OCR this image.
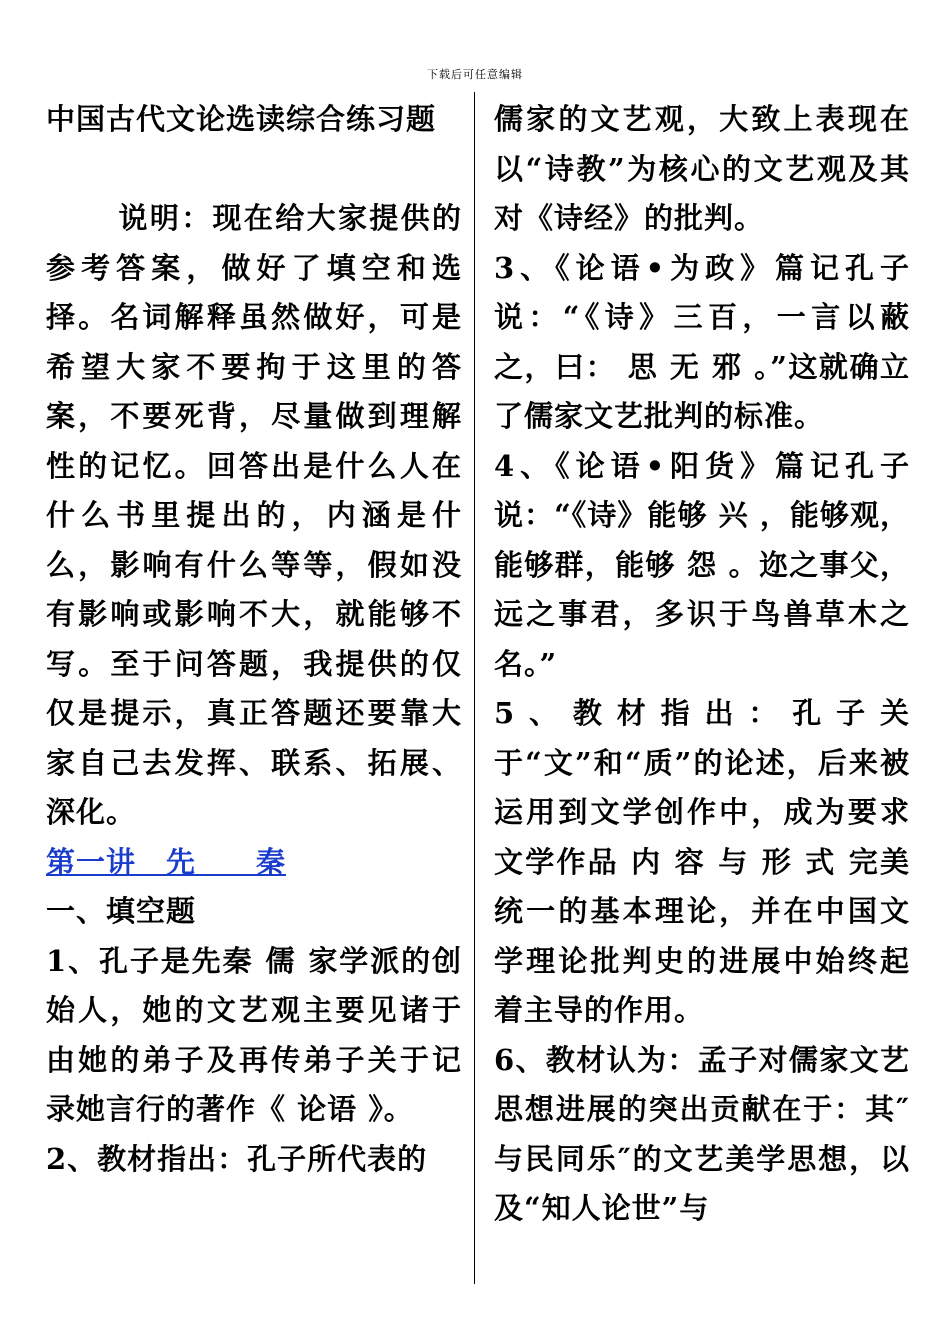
下载后可任意编辑

中国古代文论选读综合练习题

说明：现在给大家提供的参考答案，做好了填空和选择。名词解释虽然做好，可是希望大家不要拘于这里的答案，不要死背，尽量做到理解性的记忆。回答出是什么人在什么书里提出的，内涵是什么，影响有什么等等，假如没有影响或影响不大，就能够不写。至于问答题，我提供的仅仅是提示，真正答题还要靠大家自己去发挥、联系、拓展、深化。

第一讲　先　　秦

一、填空题

1、孔子是先秦 儒 家学派的创始人，她的文艺观主要见诸于由她的弟子及再传弟子关于记录她言行的著作《 论语 》。

2、教材指出：孔子所代表的

儒家的文艺观，大致上表现在以“诗教”为核心的文艺观及其对《诗经》的批判。

3、《论语•为政》篇记孔子说：“《诗》三百，一言以蔽之，曰： 思 无 邪 。”这就确立了儒家文艺批判的标准。

4、《论语•阳货》篇记孔子说：“《诗》能够 兴 ，能够观，能够群，能够 怨 。迩之事父，远之事君，多识于鸟兽草木之名。”

5、教材指出：孔子关于“文”和“质”的论述，后来被运用到文学创作中，成为要求文学作品 内 容 与 形 式 完美统一的基本理论，并在中国文学理论批判史的进展中始终起着主导的作用。

6、教材认为：孟子对儒家文艺思想进展的突出贡献在于：其″与民同乐″的文艺美学思想，以及“知人论世”与
